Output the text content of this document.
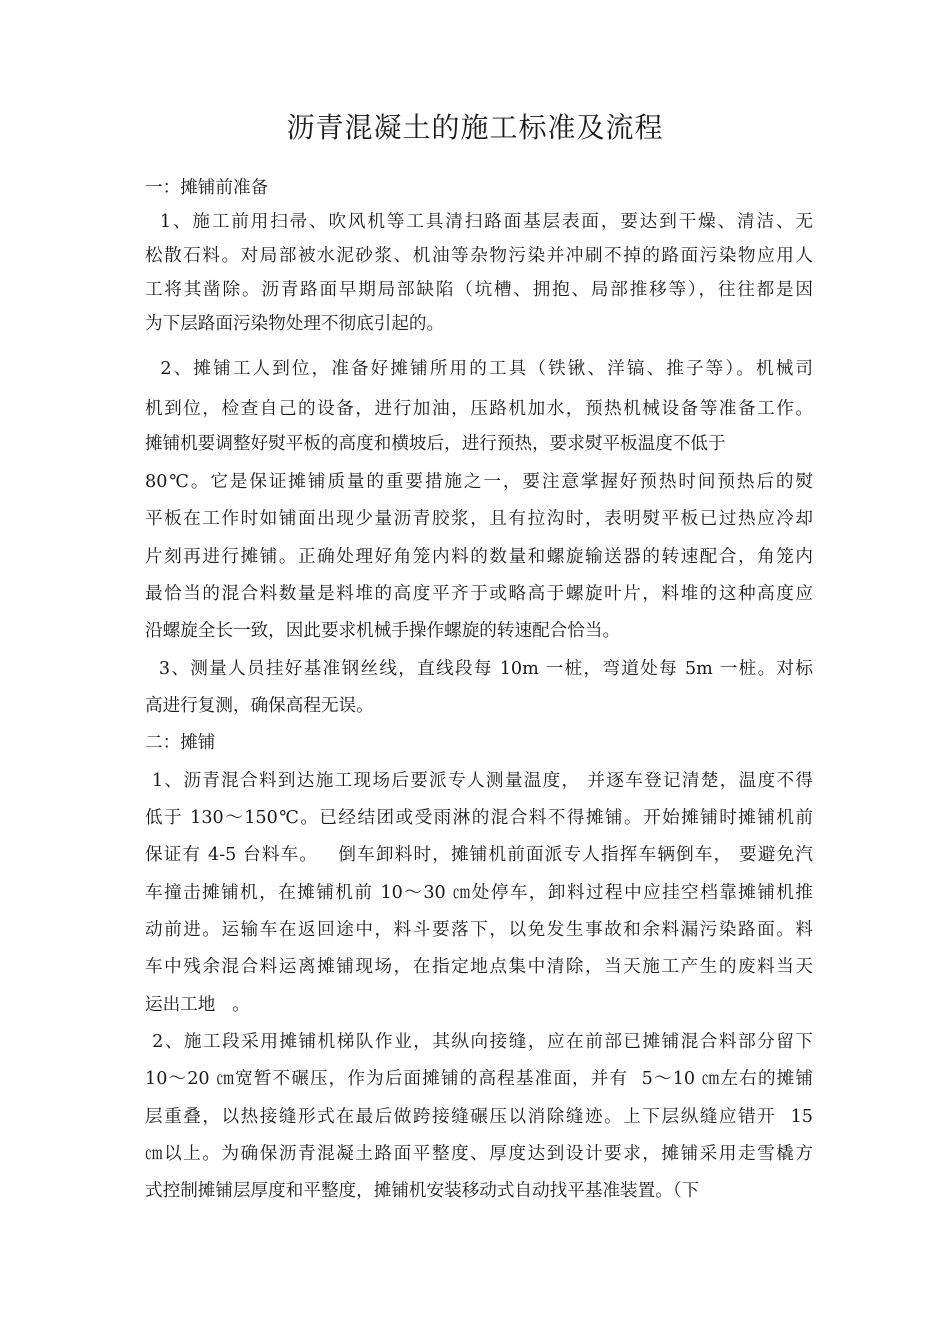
沥青混凝土的施工标准及流程
一：摊铺前准备
1、施工前用扫帚、吹风机等工具清扫路面基层表面，要达到干燥、清洁、无
松散石料。对局部被水泥砂浆、机油等杂物污染并冲刷不掉的路面污染物应用人
工将其凿除。沥青路面早期局部缺陷（坑槽、拥抱、局部推移等），往往都是因
为下层路面污染物处理不彻底引起的。
2、摊铺工人到位，准备好摊铺所用的工具（铁锹、洋镐、推子等）。机械司
机到位，检查自己的设备，进行加油，压路机加水，预热机械设备等准备工作。
摊铺机要调整好熨平板的高度和横坡后，进行预热，要求熨平板温度不低于
80℃。它是保证摊铺质量的重要措施之一，要注意掌握好预热时间预热后的熨
平板在工作时如铺面出现少量沥青胶浆，且有拉沟时，表明熨平板已过热应冷却
片刻再进行摊铺。正确处理好角笼内料的数量和螺旋输送器的转速配合，角笼内
最恰当的混合料数量是料堆的高度平齐于或略高于螺旋叶片，料堆的这种高度应
沿螺旋全长一致，因此要求机械手操作螺旋的转速配合恰当。
3、测量人员挂好基准钢丝线，直线段每 10m 一桩，弯道处每 5m 一桩。对标
高进行复测，确保高程无误。
二：摊铺
1、沥青混合料到达施工现场后要派专人测量温度， 并逐车登记清楚，温度不得
低于 130～150℃。已经结团或受雨淋的混合料不得摊铺。开始摊铺时摊铺机前
保证有 4-5 台料车。   倒车卸料时，摊铺机前面派专人指挥车辆倒车， 要避免汽
车撞击摊铺机，在摊铺机前 10～30 ㎝处停车，卸料过程中应挂空档靠摊铺机推
动前进。运输车在返回途中，料斗要落下，以免发生事故和余料漏污染路面。料
车中残余混合料运离摊铺现场，在指定地点集中清除，当天施工产生的废料当天
运出工地   。
2、施工段采用摊铺机梯队作业，其纵向接缝，应在前部已摊铺混合料部分留下
10～20 ㎝宽暂不碾压，作为后面摊铺的高程基准面，并有  5～10 ㎝左右的摊铺
层重叠，以热接缝形式在最后做跨接缝碾压以消除缝迹。上下层纵缝应错开  15
㎝以上。为确保沥青混凝土路面平整度、厚度达到设计要求，摊铺采用走雪橇方
式控制摊铺层厚度和平整度，摊铺机安装移动式自动找平基准装置。（下
